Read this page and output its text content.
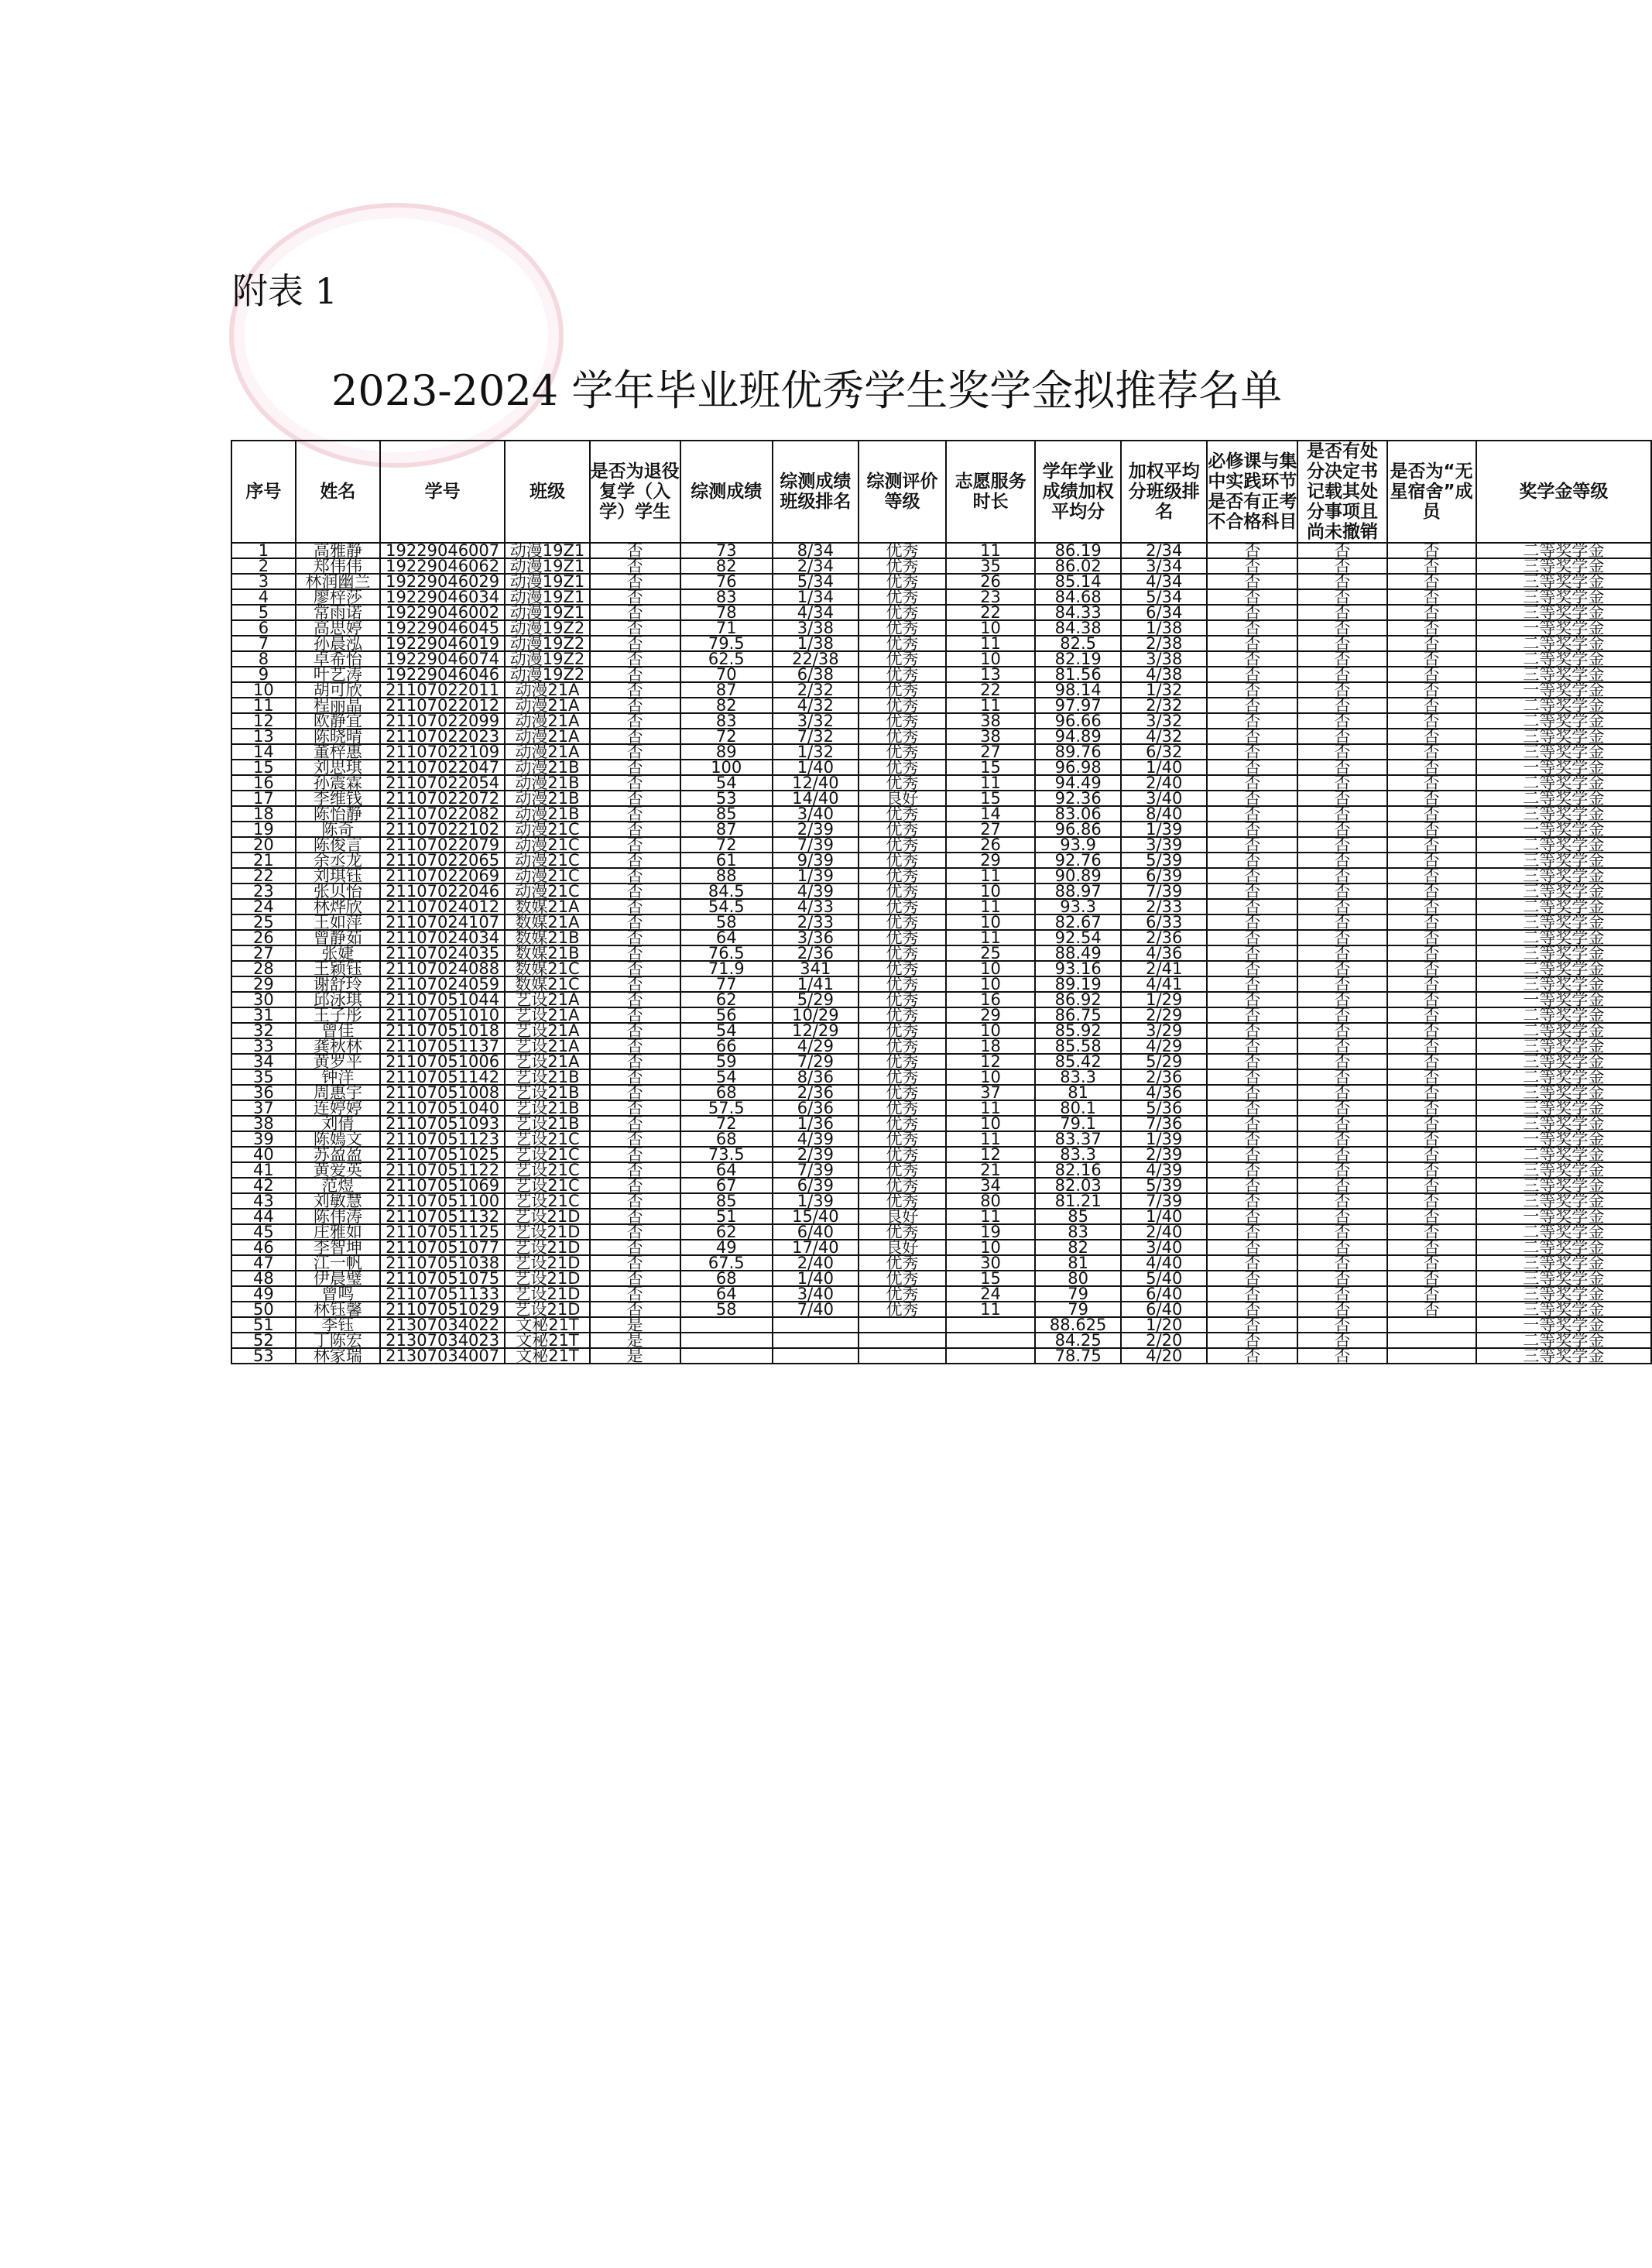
附表 1
2023-2024 学年毕业班优秀学生奖学金拟推荐名单
序号	姓名	学号	班级	是否为退役复学（入学）学生	综测成绩	综测成绩班级排名	综测评价等级	志愿服务时长	学年学业成绩加权平均分	加权平均分班级排名	必修课与集中实践环节是否有正考不合格科目	是否有处分决定书记载其处分事项且尚未撤销	是否为“无星宿舍”成员	奖学金等级
1	高雅静	19229046007	动漫19Z1	否	73	8/34	优秀	11	86.19	2/34	否	否	否	二等奖学金
2	郑伟伟	19229046062	动漫19Z1	否	82	2/34	优秀	35	86.02	3/34	否	否	否	三等奖学金
3	林润幽兰	19229046029	动漫19Z1	否	76	5/34	优秀	26	85.14	4/34	否	否	否	三等奖学金
4	廖梓莎	19229046034	动漫19Z1	否	83	1/34	优秀	23	84.68	5/34	否	否	否	三等奖学金
5	常雨诺	19229046002	动漫19Z1	否	78	4/34	优秀	22	84.33	6/34	否	否	否	三等奖学金
6	高思婷	19229046045	动漫19Z2	否	71	3/38	优秀	10	84.38	1/38	否	否	否	一等奖学金
7	孙晨泓	19229046019	动漫19Z2	否	79.5	1/38	优秀	11	82.5	2/38	否	否	否	二等奖学金
8	卓希怡	19229046074	动漫19Z2	否	62.5	22/38	优秀	10	82.19	3/38	否	否	否	二等奖学金
9	叶艺涛	19229046046	动漫19Z2	否	70	6/38	优秀	13	81.56	4/38	否	否	否	三等奖学金
10	胡可欣	21107022011	动漫21A	否	87	2/32	优秀	22	98.14	1/32	否	否	否	一等奖学金
11	程丽晶	21107022012	动漫21A	否	82	4/32	优秀	11	97.97	2/32	否	否	否	二等奖学金
12	欧静宜	21107022099	动漫21A	否	83	3/32	优秀	38	96.66	3/32	否	否	否	二等奖学金
13	陈晓晴	21107022023	动漫21A	否	72	7/32	优秀	38	94.89	4/32	否	否	否	三等奖学金
14	董梓惠	21107022109	动漫21A	否	89	1/32	优秀	27	89.76	6/32	否	否	否	三等奖学金
15	刘思琪	21107022047	动漫21B	否	100	1/40	优秀	15	96.98	1/40	否	否	否	一等奖学金
16	孙震霖	21107022054	动漫21B	否	54	12/40	优秀	11	94.49	2/40	否	否	否	二等奖学金
17	李维钱	21107022072	动漫21B	否	53	14/40	良好	15	92.36	3/40	否	否	否	二等奖学金
18	陈怡静	21107022082	动漫21B	否	85	3/40	优秀	14	83.06	8/40	否	否	否	三等奖学金
19	陈奇	21107022102	动漫21C	否	87	2/39	优秀	27	96.86	1/39	否	否	否	一等奖学金
20	陈俊言	21107022079	动漫21C	否	72	7/39	优秀	26	93.9	3/39	否	否	否	二等奖学金
21	余丞龙	21107022065	动漫21C	否	61	9/39	优秀	29	92.76	5/39	否	否	否	三等奖学金
22	刘琪钰	21107022069	动漫21C	否	88	1/39	优秀	11	90.89	6/39	否	否	否	三等奖学金
23	张贝怡	21107022046	动漫21C	否	84.5	4/39	优秀	10	88.97	7/39	否	否	否	三等奖学金
24	林烨欣	21107024012	数媒21A	否	54.5	4/33	优秀	11	93.3	2/33	否	否	否	二等奖学金
25	王如萍	21107024107	数媒21A	否	58	2/33	优秀	10	82.67	6/33	否	否	否	三等奖学金
26	曾静茹	21107024034	数媒21B	否	64	3/36	优秀	11	92.54	2/36	否	否	否	二等奖学金
27	张婕	21107024035	数媒21B	否	76.5	2/36	优秀	25	88.49	4/36	否	否	否	三等奖学金
28	王颖钰	21107024088	数媒21C	否	71.9	341	优秀	10	93.16	2/41	否	否	否	二等奖学金
29	谢舒玲	21107024059	数媒21C	否	77	1/41	优秀	10	89.19	4/41	否	否	否	三等奖学金
30	邱泳琪	21107051044	艺设21A	否	62	5/29	优秀	16	86.92	1/29	否	否	否	一等奖学金
31	王子彤	21107051010	艺设21A	否	56	10/29	优秀	29	86.75	2/29	否	否	否	二等奖学金
32	曾佳	21107051018	艺设21A	否	54	12/29	优秀	10	85.92	3/29	否	否	否	二等奖学金
33	龚秋林	21107051137	艺设21A	否	66	4/29	优秀	18	85.58	4/29	否	否	否	三等奖学金
34	黄罗平	21107051006	艺设21A	否	59	7/29	优秀	12	85.42	5/29	否	否	否	三等奖学金
35	钟洋	21107051142	艺设21B	否	54	8/36	优秀	10	83.3	2/36	否	否	否	二等奖学金
36	周惠宇	21107051008	艺设21B	否	68	2/36	优秀	37	81	4/36	否	否	否	三等奖学金
37	连婷婷	21107051040	艺设21B	否	57.5	6/36	优秀	11	80.1	5/36	否	否	否	三等奖学金
38	刘倩	21107051093	艺设21B	否	72	1/36	优秀	10	79.1	7/36	否	否	否	三等奖学金
39	陈嫣文	21107051123	艺设21C	否	68	4/39	优秀	11	83.37	1/39	否	否	否	一等奖学金
40	苏盈盈	21107051025	艺设21C	否	73.5	2/39	优秀	12	83.3	2/39	否	否	否	二等奖学金
41	黄爱英	21107051122	艺设21C	否	64	7/39	优秀	21	82.16	4/39	否	否	否	三等奖学金
42	范煜	21107051069	艺设21C	否	67	6/39	优秀	34	82.03	5/39	否	否	否	三等奖学金
43	刘敏慧	21107051100	艺设21C	否	85	1/39	优秀	80	81.21	7/39	否	否	否	三等奖学金
44	陈伟涛	21107051132	艺设21D	否	51	15/40	良好	11	85	1/40	否	否	否	一等奖学金
45	庄雅如	21107051125	艺设21D	否	62	6/40	优秀	19	83	2/40	否	否	否	二等奖学金
46	李智坤	21107051077	艺设21D	否	49	17/40	良好	10	82	3/40	否	否	否	二等奖学金
47	江一帆	21107051038	艺设21D	否	67.5	2/40	优秀	30	81	4/40	否	否	否	三等奖学金
48	伊晨璧	21107051075	艺设21D	否	68	1/40	优秀	15	80	5/40	否	否	否	三等奖学金
49	曾鸣	21107051133	艺设21D	否	64	3/40	优秀	24	79	6/40	否	否	否	三等奖学金
50	林钰馨	21107051029	艺设21D	否	58	7/40	优秀	11	79	6/40	否	否	否	三等奖学金
51	李钰	21307034022	文秘21T	是					88.625	1/20	否	否		一等奖学金
52	丁陈宏	21307034023	文秘21T	是					84.25	2/20	否	否		二等奖学金
53	林家瑞	21307034007	文秘21T	是					78.75	4/20	否	否		三等奖学金
